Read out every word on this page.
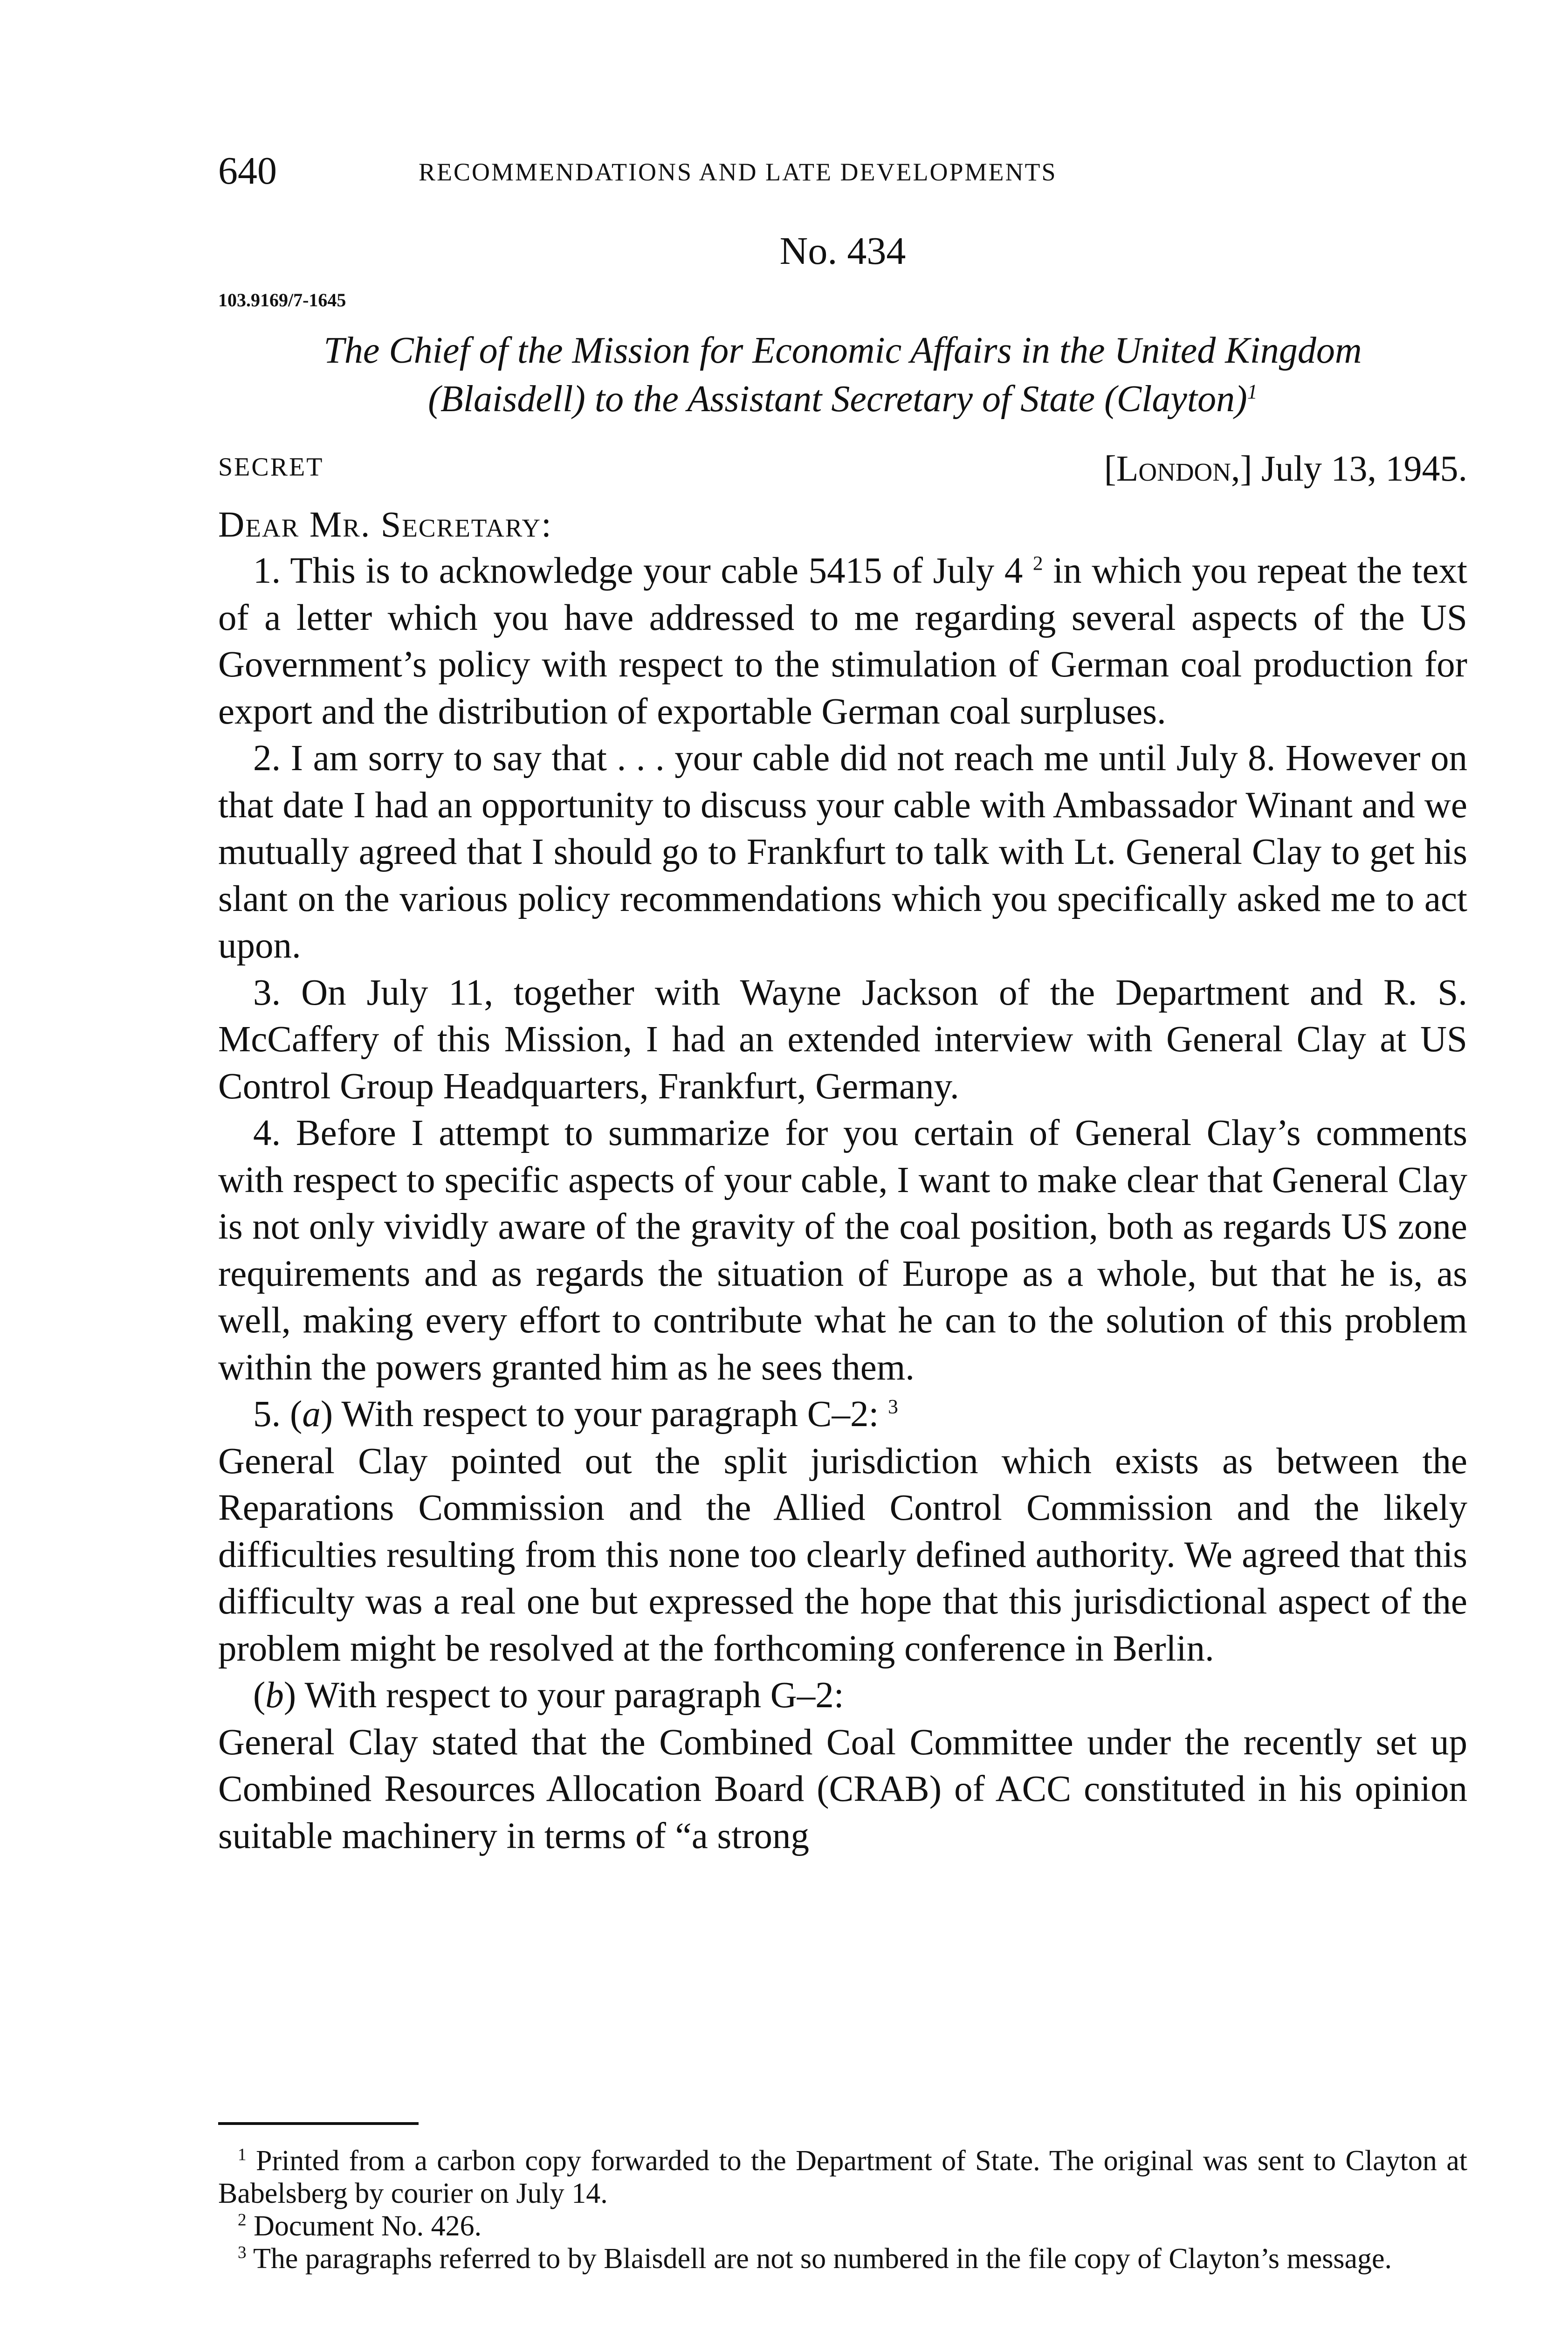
640	RECOMMENDATIONS AND LATE DEVELOPMENTS
No. 434
103.9169/7-1645
The Chief of the Mission for Economic Affairs in the United Kingdom
(Blaisdell) to the Assistant Secretary of State (Clayton)$^1$
SECRET	[London,] July 13, 1945.
Dear Mr. Secretary:

1. This is to acknowledge your cable 5415 of July 4 $^2$ in which you repeat the text of a letter which you have addressed to me regarding several aspects of the US Government’s policy with respect to the stimulation of German coal production for export and the distribution of exportable German coal surpluses.

2. I am sorry to say that . . . your cable did not reach me until July 8. However on that date I had an opportunity to discuss your cable with Ambassador Winant and we mutually agreed that I should go to Frankfurt to talk with Lt. General Clay to get his slant on the various policy recommendations which you specifically asked me to act upon.

3. On July 11, together with Wayne Jackson of the Department and R. S. McCaffery of this Mission, I had an extended interview with General Clay at US Control Group Headquarters, Frankfurt, Germany.

4. Before I attempt to summarize for you certain of General Clay’s comments with respect to specific aspects of your cable, I want to make clear that General Clay is not only vividly aware of the gravity of the coal position, both as regards US zone requirements and as regards the situation of Europe as a whole, but that he is, as well, making every effort to contribute what he can to the solution of this problem within the powers granted him as he sees them.

5. (a) With respect to your paragraph C–2: $^3$

General Clay pointed out the split jurisdiction which exists as between the Reparations Commission and the Allied Control Commission and the likely difficulties resulting from this none too clearly defined authority. We agreed that this difficulty was a real one but expressed the hope that this jurisdictional aspect of the problem might be resolved at the forthcoming conference in Berlin.

(b) With respect to your paragraph G–2:

General Clay stated that the Combined Coal Committee under the recently set up Combined Resources Allocation Board (CRAB) of ACC constituted in his opinion suitable machinery in terms of “a strong

$^1$ Printed from a carbon copy forwarded to the Department of State. The original was sent to Clayton at Babelsberg by courier on July 14.

$^2$ Document No. 426.

$^3$ The paragraphs referred to by Blaisdell are not so numbered in the file copy of Clayton’s message.
